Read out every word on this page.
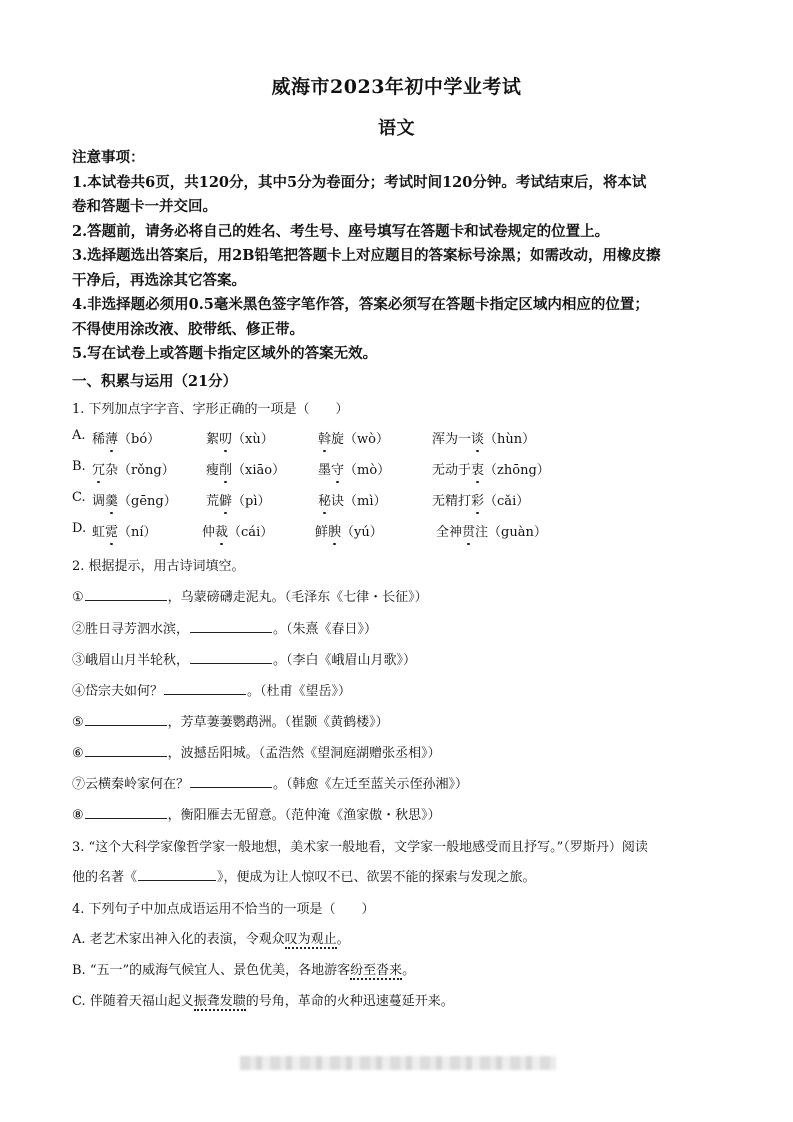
威海市2023年初中学业考试
语文
注意事项：
1.本试卷共6页，共120分，其中5分为卷面分；考试时间120分钟。考试结束后，将本试
卷和答题卡一并交回。
2.答题前，请务必将自己的姓名、考生号、座号填写在答题卡和试卷规定的位置上。
3.选择题选出答案后，用2B铅笔把答题卡上对应题目的答案标号涂黑；如需改动，用橡皮擦
干净后，再选涂其它答案。
4.非选择题必须用0.5毫米黑色签字笔作答，答案必须写在答题卡指定区域内相应的位置；
不得使用涂改液、胶带纸、修正带。
5.写在试卷上或答题卡指定区域外的答案无效。
一、积累与运用（21分）
1. 下列加点字字音、字形正确的一项是（　　）
A. 稀薄（bó）	絮叨（xù）	斡旋（wò）	浑为一谈（hùn）
B. 冗杂（rǒng） 瘦削（xiāo）	墨守（mò）	无动于衷（zhōng）
C. 调羹（gēng） 荒僻（pì）	秘诀（mì）	无精打彩（cǎi）
D. 虹霓（ní）	仲裁（cái）	鲜腴（yú）	全神贯注（guàn）
2. 根据提示，用古诗词填空。
①	，乌蒙磅礴走泥丸。（毛泽东《七律・长征》）
②胜日寻芳泗水滨，	。（朱熹《春日》）
③峨眉山月半轮秋，	。（李白《峨眉山月歌》）
④岱宗夫如何？	。（杜甫《望岳》）
⑤	，芳草萋萋鹦鹉洲。（崔颢《黄鹤楼》）
⑥	，波撼岳阳城。（孟浩然《望洞庭湖赠张丞相》）
⑦云横秦岭家何在？	。（韩愈《左迁至蓝关示侄孙湘》）
⑧	，衡阳雁去无留意。（范仲淹《渔家傲・秋思》）
3. “这个大科学家像哲学家一般地想，美术家一般地看，文学家一般地感受而且抒写。”（罗斯丹）阅读
他的名著《	》，便成为让人惊叹不已、欲罢不能的探索与发现之旅。
4. 下列句子中加点成语运用不恰当的一项是（　　）
A. 老艺术家出神入化的表演，令观众叹为观止。
B. “五一”的威海气候宜人、景色优美，各地游客纷至沓来。
C. 伴随着天福山起义振聋发聩的号角，革命的火种迅速蔓延开来。
